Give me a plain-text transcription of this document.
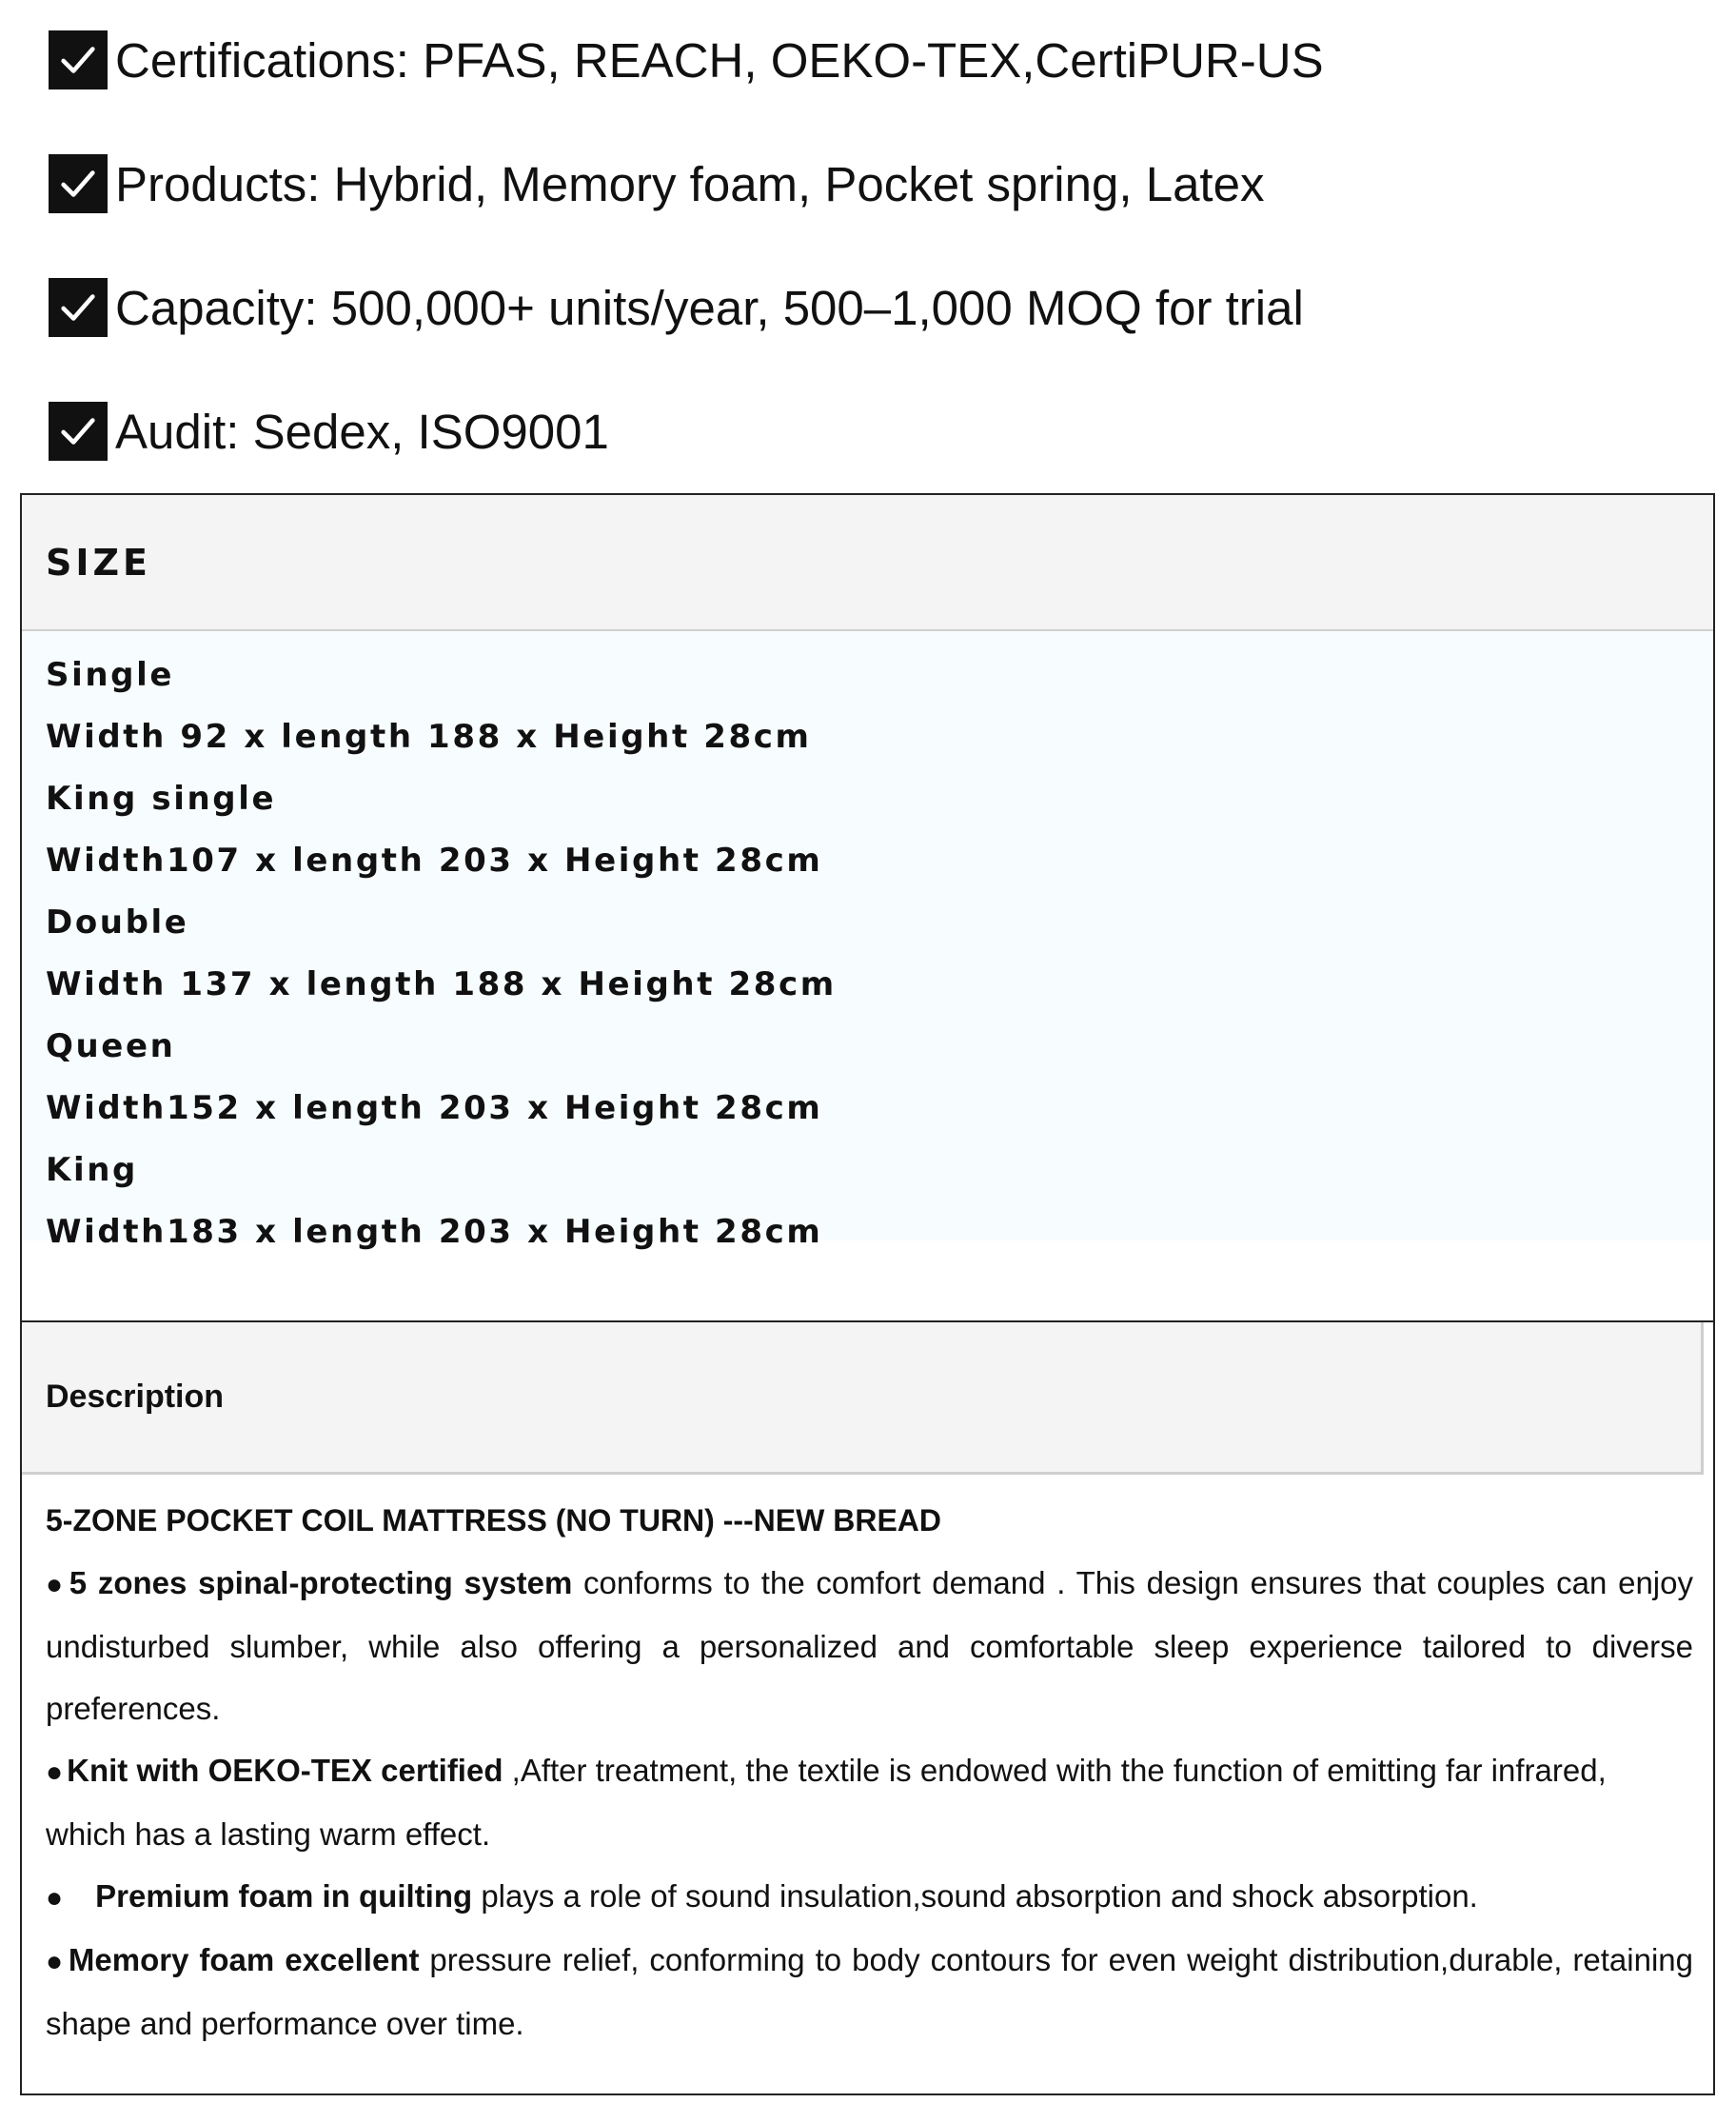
Certifications: PFAS, REACH, OEKO-TEX,CertiPUR-US
Products: Hybrid, Memory foam, Pocket spring, Latex
Capacity: 500,000+ units/year, 500–1,000 MOQ for trial
Audit: Sedex, ISO9001
SIZE
Single
Width 92 x length 188 x Height 28cm
King single
Width107 x length 203 x Height 28cm
Double
Width 137 x length 188 x Height 28cm
Queen
Width152 x length 203 x Height 28cm
King
Width183 x length 203 x Height 28cm
Description

5-ZONE POCKET COIL MATTRESS (NO TURN) ---NEW BREAD

● 5 zones spinal-protecting system conforms to the comfort demand . This design ensures that couples can enjoy undisturbed slumber, while also offering a personalized and comfortable sleep experience tailored to diverse preferences.

● Knit with OEKO-TEX certified ,After treatment, the textile is endowed with the function of emitting far infrared, which has a lasting warm effect.

● Premium foam in quilting plays a role of sound insulation,sound absorption and shock absorption.

● Memory foam excellent pressure relief, conforming to body contours for even weight distribution,durable, retaining shape and performance over time.
